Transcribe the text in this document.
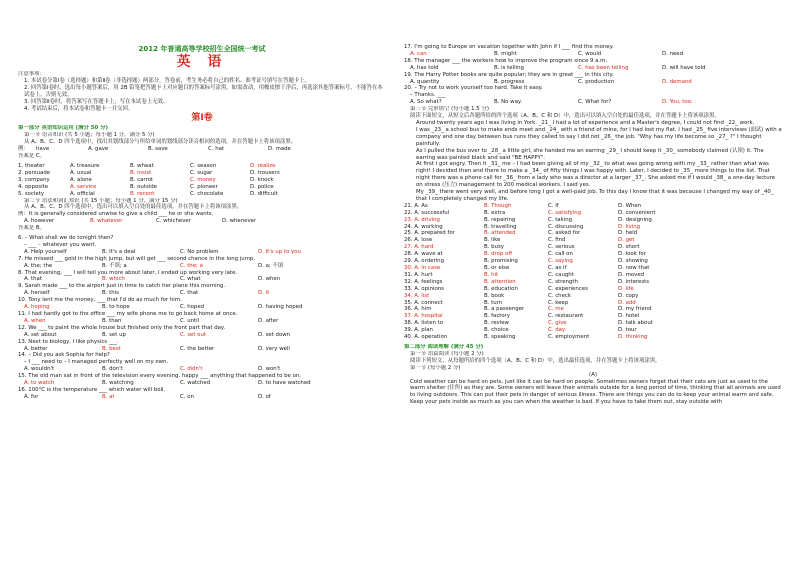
2012 年普通高等学校招生全国统一考试
英 语
注意事项：
1. 本试卷分第Ⅰ卷（选择题）和第Ⅱ卷（非选择题）两部分。答卷前，考生务必将自己的姓名、准考证号填写在答题卡上。
2. 回答第Ⅰ卷时，选出每小题答案后，用 2B 铅笔把答题卡上对应题目的答案标号涂黑。如需改动，用橡皮擦干净后，再选涂其他答案标号，不能答在本试卷上，否则无效。
3. 回答第Ⅱ卷时，将答案写在答题卡上，写在本试卷上无效。
4. 考试结束后，将本试卷和答题卡一并交回。
第Ⅰ卷
第一部分 英语知识运用 (满分 50 分)
第一节 语音知识 (共 5 小题；每小题 1 分，满分 5 分)
从 A、B、C、D 四个选项中，找出其划线部分与所给单词的划线部分读音相同的选项，并在答题卡上将该项涂黑。
例：	have	A. gave	B. save	C. hat	D. made
答案是 C。
1. theater	A. treasure	B. wheat	C. season	D. realize
2. persuade	A. usual	B. insist	C. sugar	D. trousers
3. company	A. alone	B. carrot	C. money	D. knock
4. opposite	A. service	B. outside	C. pioneer	D. police
5. society	A. official	B. recent	C. chocolate	D. difficult
第二节 语法和词汇知识 (共 15 小题；每小题 1 分，满分 15 分)
从 A、B、C、D 四个选项中，选出可以填入空白处的最佳选项，并在答题卡上将该项涂黑。
例：It is generally considered unwise to give a child ___ he or she wants.
A. however	B. whatever	C. whichever	D. whenever
答案是 B。
6. – What shall we do tonight then?
– ___ – whatever you want.
A. Help yourself	B. It's a deal	C. No problem	D. It's up to you
7. He missed ___ gold in the high jump, but will get ___ second chance in the long jump.
A. the; the	B. 不填; a	C. the; a	D. a; 不填
8. That evening, ___ I will tell you more about later, I ended up working very late.
A. that	B. which	C. what	D. when
9. Sarah made ___ to the airport just in time to catch her plane this morning.
A. herself	B. this	C. that	D. it
10. Tony lent me the money, ___ that I'd do as much for him.
A. hoping	B. to hope	C. hoped	D. having hoped
11. I had hardly got to the office ___ my wife phone me to go back home at once.
A. when	B. than	C. until	D. after
12. We ___ to paint the whole house but finished only the front part that day.
A. set about	B. set up	C. set out	D. set down
13. Next to biology, I like physics ___.
A. better	B. best	C. the better	D. very well
14. – Did you ask Sophia for help?
– I ___ need to – I managed perfectly well on my own.
A. wouldn't	B. don't	C. didn't	D. won't
15. The old man sat in front of the television every evening, happy ___ anything that happened to be on.
A. to watch	B. watching	C. watched	D. to have watched
16. 100°C is the temperature ___ which water will boil.
A. for	B. at	C. on	D. of
17. I'm going to Europe on vacation together with John if I ___ find the money.
A. can	B. might	C. would	D. need
18. The manager ___ the workers how to improve the program since 9 a.m.
A. has told	B. is telling	C. has been telling	D. will have told
19. The Harry Potter books are quite popular; they are in great ___ in this city.
A. quantity	B. progress	C. production	D. demand
20. – Try not to work yourself too hard. Take it easy.
– Thanks. ___
A. So what?	B. No way.	C. What for?	D. You, too.
第三节 完形填空 (每小题 1.5 分)
阅读下面短文，从短文后各题所给的四个选项（A、B、C 和 D）中，选出可以填入空白处的最佳选项，并在答题卡上将该项涂黑。
Around twenty years ago I was living in York. _21_ I had a lot of experience and a Master's degree, I could not find _22_ work.
I was _23_ a school bus to make ends meet and _24_ with a friend of mine, for I had lost my flat. I had _25_ five interviews (面试) with a company and one day between bus runs they called to say I did not _26_ the job. "Why has my life become so _27_ ?" I thought painfully.
As I pulled the bus over to _28_ a little girl, she handed me an earring _29_ I should keep it _30_ somebody claimed (认领) it. The earring was painted black and said "BE HAPPY".
At first I got angry. Then it _31_ me – I had been giving all of my _32_ to what was going wrong with my _33_ rather than what was right! I decided then and there to make a _34_ of fifty things I was happy with. Later, I decided to _35_ more things to the list. That night there was a phone call for _36_ from a lady who was a director at a larger _37_. She asked me if I would _38_ a one-day lecture on stress (压力) management to 200 medical workers. I said yes.
My _39_ there went very well, and before long I got a well-paid job. To this day I know that it was because I changed my way of _40_ that I completely changed my life.
21. A. As	B. Though	C. If	D. When
22. A. successful	B. extra	C. satisfying	D. convenient
23. A. driving	B. repairing	C. taking	D. designing
24. A. working	B. travelling	C. discussing	D. living
25. A. prepared for	B. attended	C. asked for	D. held
26. A. lose	B. like	C. find	D. get
27. A. hard	B. busy	C. serious	D. short
28. A. wave at	B. drop off	C. call on	D. look for
29. A. ordering	B. promising	C. saying	D. showing
30. A. in case	B. or else	C. as if	D. now that
31. A. hurt	B. hit	C. caught	D. moved
32. A. feelings	B. attention	C. strength	D. interests
33. A. opinions	B. education	C. experiences	D. life
34. A. list	B. book	C. check	D. copy
35. A. connect	B. turn	C. keep	D. add
36. A. him	B. a passenger	C. me	D. my friend
37. A. hospital	B. factory	C. restaurant	D. hotel
38. A. listen to	B. review	C. give	D. talk about
39. A. plan	B. choice	C. day	D. tour
40. A. operation	B. speaking	C. employment	D. thinking
第二部分 阅读理解 (满分 45 分)
第一节 语篇阅读 (每小题 2 分)
阅读下列短文，从每题所给的四个选项（A、B、C 和 D）中，选出最佳选项，并在答题卡上将该项涂黑。
第一节 (每小题 2 分)
(A)
Cold weather can be hard on pets, just like it can be hard on people. Sometimes owners forget that their cats are just as used to the warm shelter (住所) as they are. Some owners will leave their animals outside for a long period of time, thinking that all animals are used to living outdoors. This can put their pets in danger of serious illness. There are things you can do to keep your animal warm and safe.
Keep your pets inside as much as you can when the weather is bad. If you have to take them out, stay outside with
